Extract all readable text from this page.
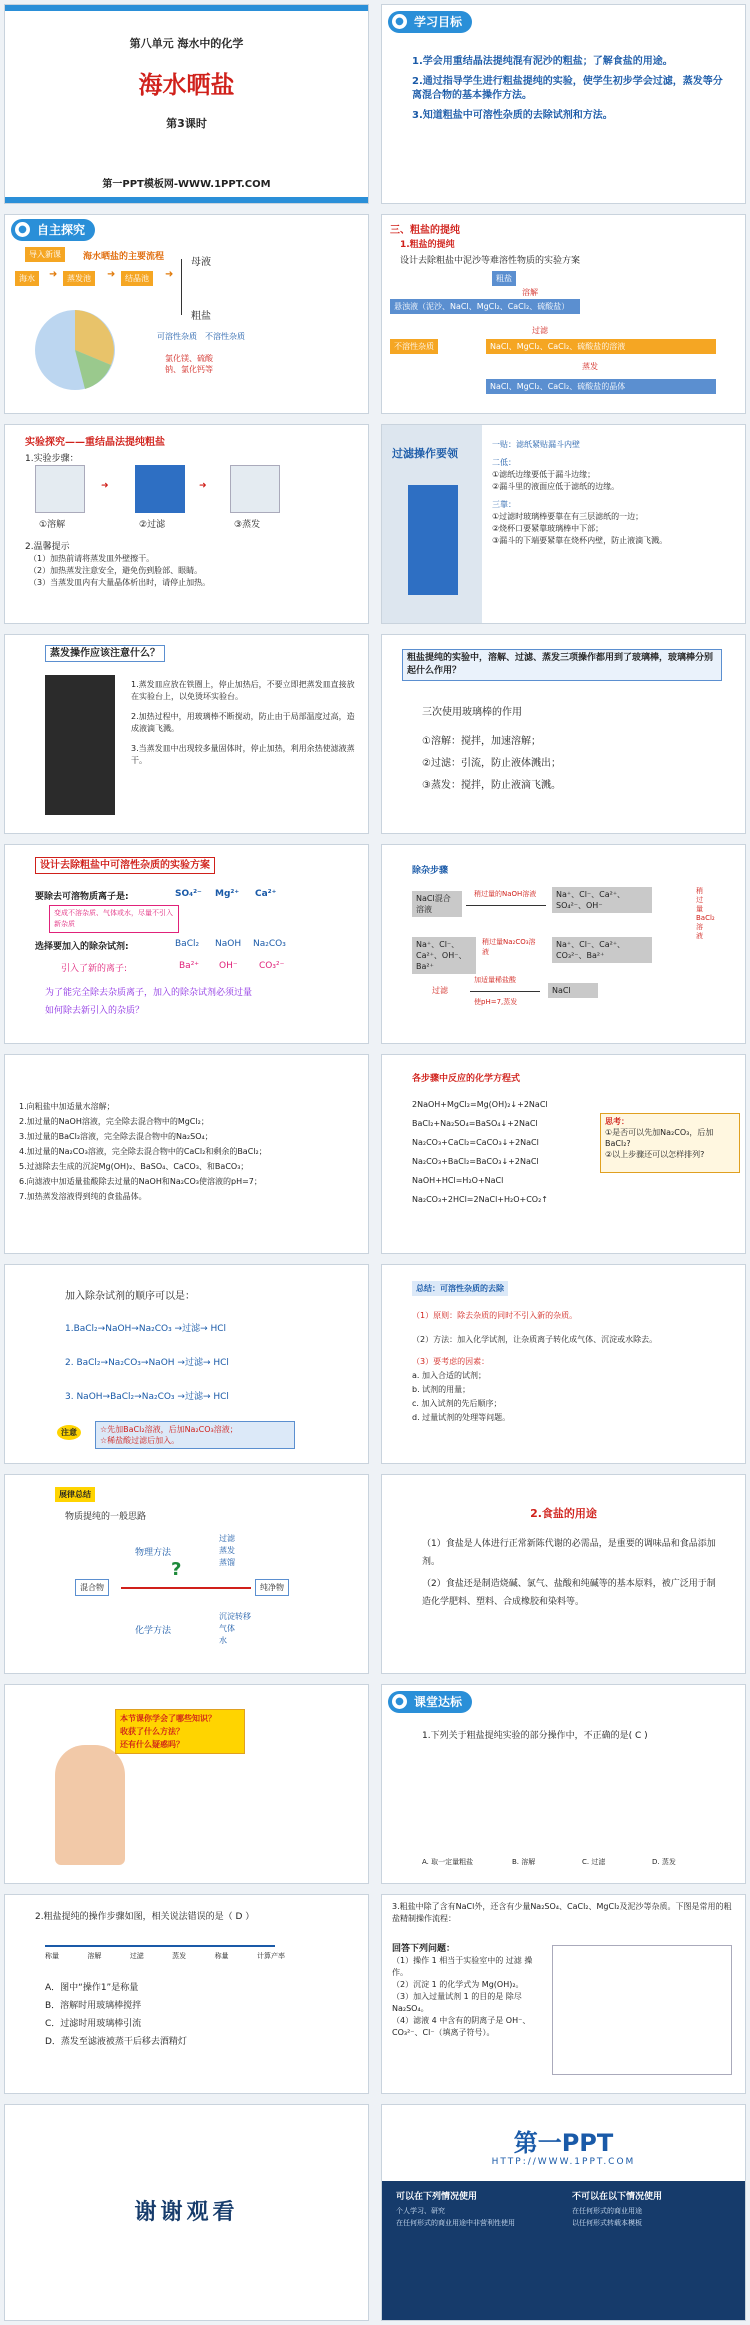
第八单元 海水中的化学
海水晒盐
第3课时
第一PPT模板网-WWW.1PPT.COM
● 学习目标

1.学会用重结晶法提纯混有泥沙的粗盐；了解食盐的用途。

2.通过指导学生进行粗盐提纯的实验，使学生初步学会过滤，蒸发等分离混合物的基本操作方法。

3.知道粗盐中可溶性杂质的去除试剂和方法。

● 自主探究
导入新课	海水晒盐的主要流程
海水	➜	蒸发池	➜	结晶池	➜
母液
粗盐
可溶性杂质 不溶性杂质
氯化镁、硫酸钠、氯化钙等
三、粗盐的提纯
1.粗盐的提纯
设计去除粗盐中泥沙等难溶性物质的实验方案
粗盐
溶解
悬浊液（泥沙、NaCl、MgCl₂、CaCl₂、硫酸盐）
过滤
不溶性杂质	NaCl、MgCl₂、CaCl₂、硫酸盐的溶液
蒸发
NaCl、MgCl₂、CaCl₂、硫酸盐的晶体
实验探究——重结晶法提纯粗盐
1.实验步骤：
➜	➜
①溶解	②过滤	③蒸发
2.温馨提示

（1）加热前请将蒸发皿外壁擦干。

（2）加热蒸发注意安全，避免伤到脸部、眼睛。

（3）当蒸发皿内有大量晶体析出时，请停止加热。

过滤操作要领

一贴：滤纸紧贴漏斗内壁

二低：

①滤纸边缘要低于漏斗边缘；

②漏斗里的液面应低于滤纸的边缘。

三靠：

①过滤时玻璃棒要靠在有三层滤纸的一边；

②烧杯口要紧靠玻璃棒中下部；

③漏斗的下端要紧靠在烧杯内壁，防止液滴飞溅。

蒸发操作应该注意什么？

1.蒸发皿应放在铁圈上，停止加热后，不要立即把蒸发皿直接放在实验台上，以免烫坏实验台。

2.加热过程中，用玻璃棒不断搅动，防止由于局部温度过高，造成液滴飞溅。

3.当蒸发皿中出现较多量固体时，停止加热，利用余热使滤液蒸干。

粗盐提纯的实验中，溶解、过滤、蒸发三项操作都用到了玻璃棒，玻璃棒分别起什么作用？
三次使用玻璃棒的作用

①溶解：搅拌，加速溶解；

②过滤：引流，防止液体溅出；

③蒸发：搅拌，防止液滴飞溅。

设计去除粗盐中可溶性杂质的实验方案
要除去可溶物质离子是:	SO₄²⁻ Mg²⁺ Ca²⁺
变成不溶杂质、气体或水，尽量不引入新杂质
选择要加入的除杂试剂:	BaCl₂ NaOH Na₂CO₃
引入了新的离子:	Ba²⁺ OH⁻ CO₃²⁻
为了能完全除去杂质离子，加入的除杂试剂必须过量
如何除去新引入的杂质？
除杂步骤
NaCl混合溶液
稍过量的NaOH溶液	Na⁺、Cl⁻、Ca²⁺、SO₄²⁻、OH⁻
稍过量BaCl₂溶液
Na⁺、Cl⁻、Ca²⁺、CO₃²⁻、Ba²⁺
Na⁺、Cl⁻、Ca²⁺、OH⁻、Ba²⁺
稍过量Na₂CO₃溶液
过滤
加适量稀盐酸
使pH=7,蒸发
NaCl

1.向粗盐中加适量水溶解；

2.加过量的NaOH溶液，完全除去混合物中的MgCl₂；

3.加过量的BaCl₂溶液，完全除去混合物中的Na₂SO₄；

4.加过量的Na₂CO₃溶液，完全除去混合物中的CaCl₂和剩余的BaCl₂；

5.过滤除去生成的沉淀Mg(OH)₂、BaSO₄、CaCO₃、和BaCO₃；

6.向滤液中加适量盐酸除去过量的NaOH和Na₂CO₃使溶液的pH=7；

7.加热蒸发溶液得到纯的食盐晶体。

各步骤中反应的化学方程式

2NaOH+MgCl₂=Mg(OH)₂↓+2NaCl

BaCl₂+Na₂SO₄=BaSO₄↓+2NaCl

Na₂CO₃+CaCl₂=CaCO₃↓+2NaCl

Na₂CO₃+BaCl₂=BaCO₃↓+2NaCl

NaOH+HCl=H₂O+NaCl

Na₂CO₃+2HCl=2NaCl+H₂O+CO₂↑

思考：

①是否可以先加Na₂CO₃，后加BaCl₂?

②以上步骤还可以怎样排列?

加入除杂试剂的顺序可以是：
1.BaCl₂→NaOH→Na₂CO₃ →过滤→ HCl
2. BaCl₂→Na₂CO₃→NaOH →过滤→ HCl
3. NaOH→BaCl₂→Na₂CO₃ →过滤→ HCl
注意	☆先加BaCl₂溶液，后加Na₂CO₃溶液；

☆稀盐酸过滤后加入。

总结：可溶性杂质的去除

（1）原则：除去杂质的同时不引入新的杂质。

（2）方法：加入化学试剂，让杂质离子转化成气体、沉淀或水除去。

（3）要考虑的因素：

a. 加入合适的试剂；

b. 试剂的用量；

c. 加入试剂的先后顺序；

d. 过量试剂的处理等问题。

展律总结
物质提纯的一般思路
混合物
?
纯净物
物理方法

过滤

蒸发

蒸馏

化学方法

沉淀转移

气体

水

2.食盐的用途

（1）食盐是人体进行正常新陈代谢的必需品，是重要的调味品和食品添加剂。

（2）食盐还是制造烧碱、氯气、盐酸和纯碱等的基本原料，被广泛用于制造化学肥料、塑料、合成橡胶和染料等。

本节课你学会了哪些知识？

收获了什么方法？

还有什么疑惑吗？

● 课堂达标
1.下列关于粗盐提纯实验的部分操作中，不正确的是( C )
A. 取一定量粗盐	B. 溶解	C. 过滤	D. 蒸发
2.粗盐提纯的操作步骤如图，相关说法错误的是（ D ）
称量	溶解	过滤	蒸发	称量	计算产率

A．图中“操作1”是称量

B．溶解时用玻璃棒搅拌

C．过滤时用玻璃棒引流

D．蒸发至滤液被蒸干后移去酒精灯

3.粗盐中除了含有NaCl外，还含有少量Na₂SO₄、CaCl₂、MgCl₂及泥沙等杂质。下图是常用的粗盐精制操作流程：
回答下列问题：

（1）操作 1 相当于实验室中的 过滤 操作。

（2）沉淀 1 的化学式为 Mg(OH)₂。

（3）加入过量试剂 1 的目的是 除尽Na₂SO₄。

（4）滤液 4 中含有的阴离子是 OH⁻、CO₃²⁻、Cl⁻（填离子符号）。

谢谢观看
第一PPT
HTTP://WWW.1PPT.COM
可以在下列情况使用	不可以在以下情况使用

个人学习、研究

在任何形式的商业用途中非营利性使用

在任何形式的商业用途

以任何形式转载本模板
